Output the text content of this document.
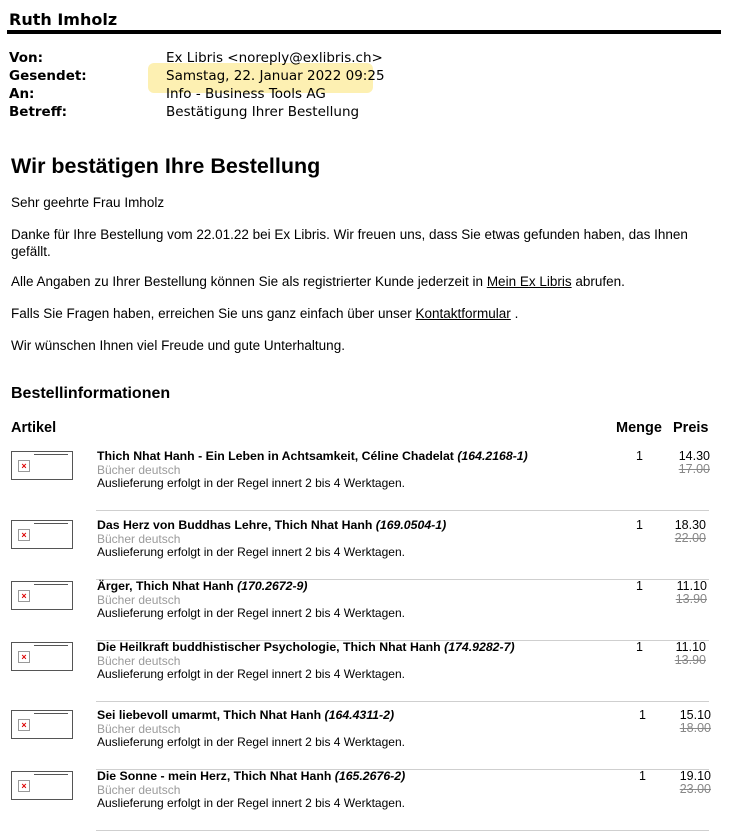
Ruth Imholz
Von:	Ex Libris <noreply@exlibris.ch>
Gesendet:	Samstag, 22. Januar 2022 09:25
An:	Info - Business Tools AG
Betreff:	Bestätigung Ihrer Bestellung
Wir bestätigen Ihre Bestellung
Sehr geehrte Frau Imholz
Danke für Ihre Bestellung vom 22.01.22 bei Ex Libris. Wir freuen uns, dass Sie etwas gefunden haben, das Ihnen gefällt.
Alle Angaben zu Ihrer Bestellung können Sie als registrierter Kunde jederzeit in Mein Ex Libris abrufen.
Falls Sie Fragen haben, erreichen Sie uns ganz einfach über unser Kontaktformular .
Wir wünschen Ihnen viel Freude und gute Unterhaltung.
Bestellinformationen
Artikel	Menge Preis
×
Thich Nhat Hanh - Ein Leben in Achtsamkeit, Céline Chadelat (164.2168-1)
Bücher deutsch
Auslieferung erfolgt in der Regel innert 2 bis 4 Werktagen.
1	14.30
17.00
×
Das Herz von Buddhas Lehre, Thich Nhat Hanh (169.0504-1)
Bücher deutsch
Auslieferung erfolgt in der Regel innert 2 bis 4 Werktagen.
1	18.30
22.00
×
Ärger, Thich Nhat Hanh (170.2672-9)
Bücher deutsch
Auslieferung erfolgt in der Regel innert 2 bis 4 Werktagen.
1	11.10
13.90
×
Die Heilkraft buddhistischer Psychologie, Thich Nhat Hanh (174.9282-7)
Bücher deutsch
Auslieferung erfolgt in der Regel innert 2 bis 4 Werktagen.
1	11.10
13.90
×
Sei liebevoll umarmt, Thich Nhat Hanh (164.4311-2)
Bücher deutsch
Auslieferung erfolgt in der Regel innert 2 bis 4 Werktagen.
1	15.10
18.00
×
Die Sonne - mein Herz, Thich Nhat Hanh (165.2676-2)
Bücher deutsch
Auslieferung erfolgt in der Regel innert 2 bis 4 Werktagen.
1	19.10
23.00
